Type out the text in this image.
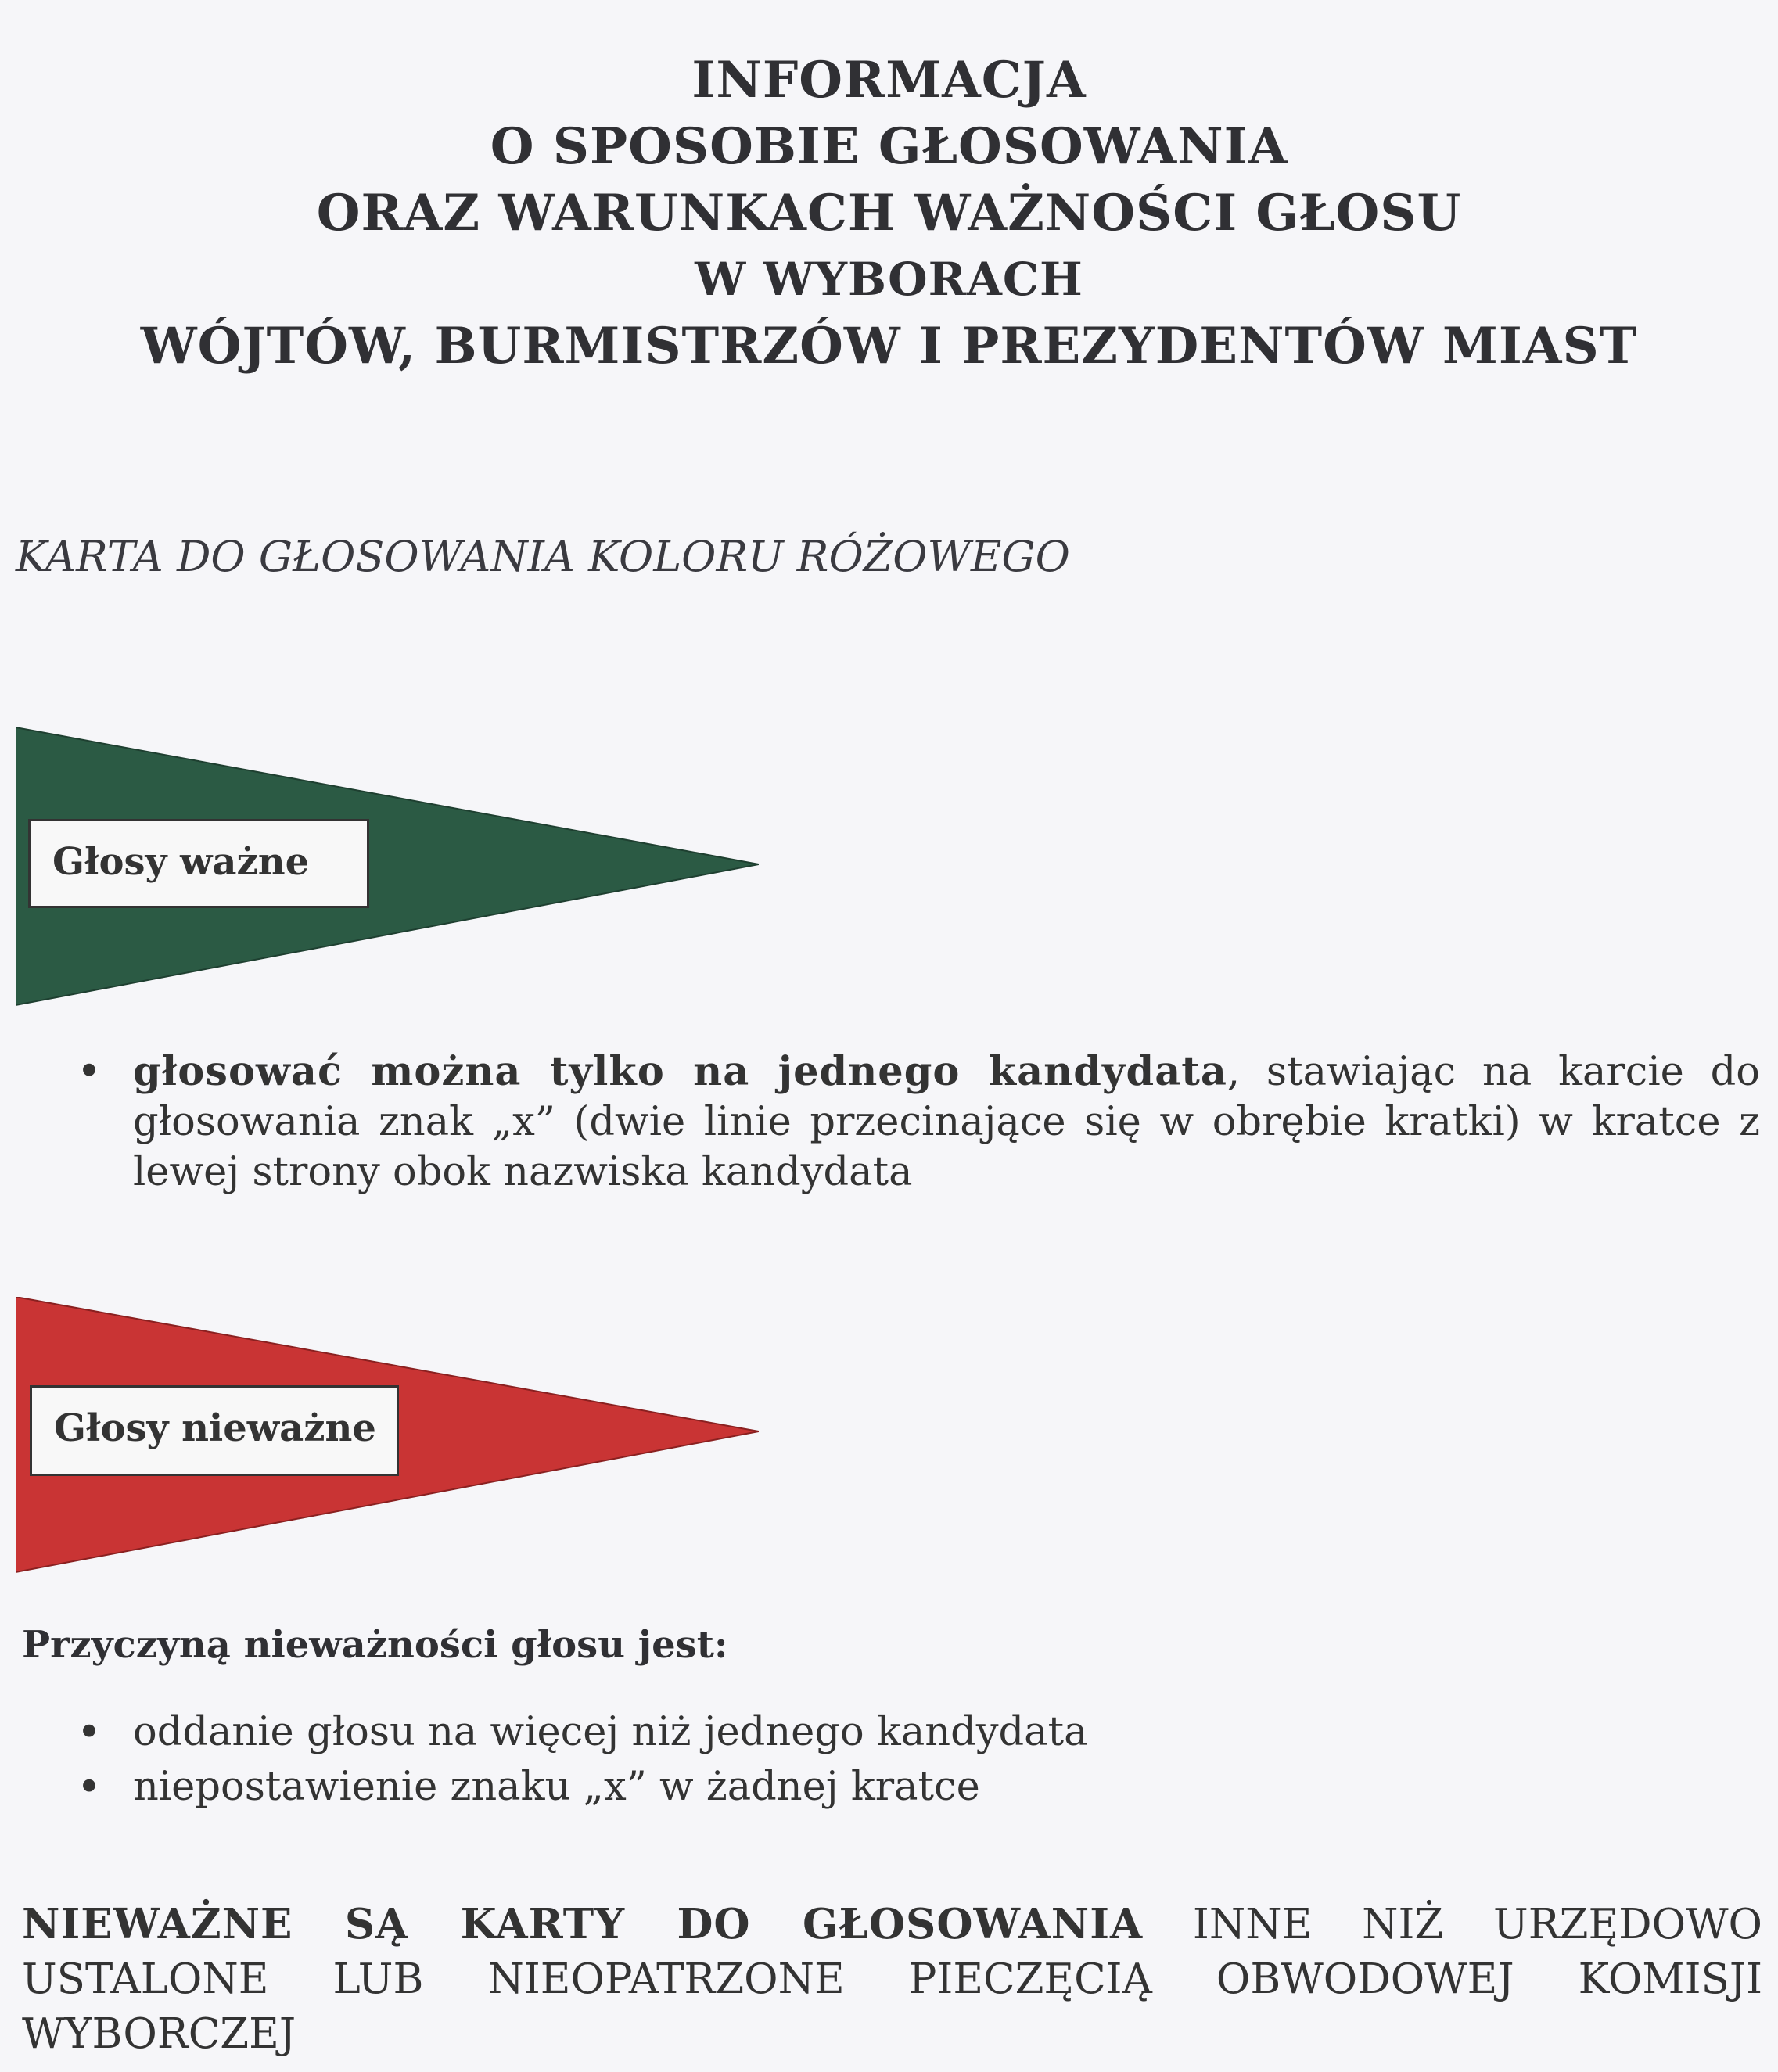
INFORMACJA
O SPOSOBIE GŁOSOWANIA
ORAZ WARUNKACH WAŻNOŚCI GŁOSU
W WYBORACH
WÓJTÓW, BURMISTRZÓW I PREZYDENTÓW MIAST
KARTA DO GŁOSOWANIA KOLORU RÓŻOWEGO
Głosy ważne
• głosować można tylko na jednego kandydata, stawiając na karcie do głosowania znak „x” (dwie linie przecinające się w obrębie kratki) w kratce z lewej strony obok nazwiska kandydata
Głosy nieważne
Przyczyną nieważności głosu jest:
• oddanie głosu na więcej niż jednego kandydata
• niepostawienie znaku „x” w żadnej kratce
NIEWAŻNE SĄ KARTY DO GŁOSOWANIA INNE NIŻ URZĘDOWO USTALONE LUB NIEOPATRZONE PIECZĘCIĄ OBWODOWEJ KOMISJI WYBORCZEJ
